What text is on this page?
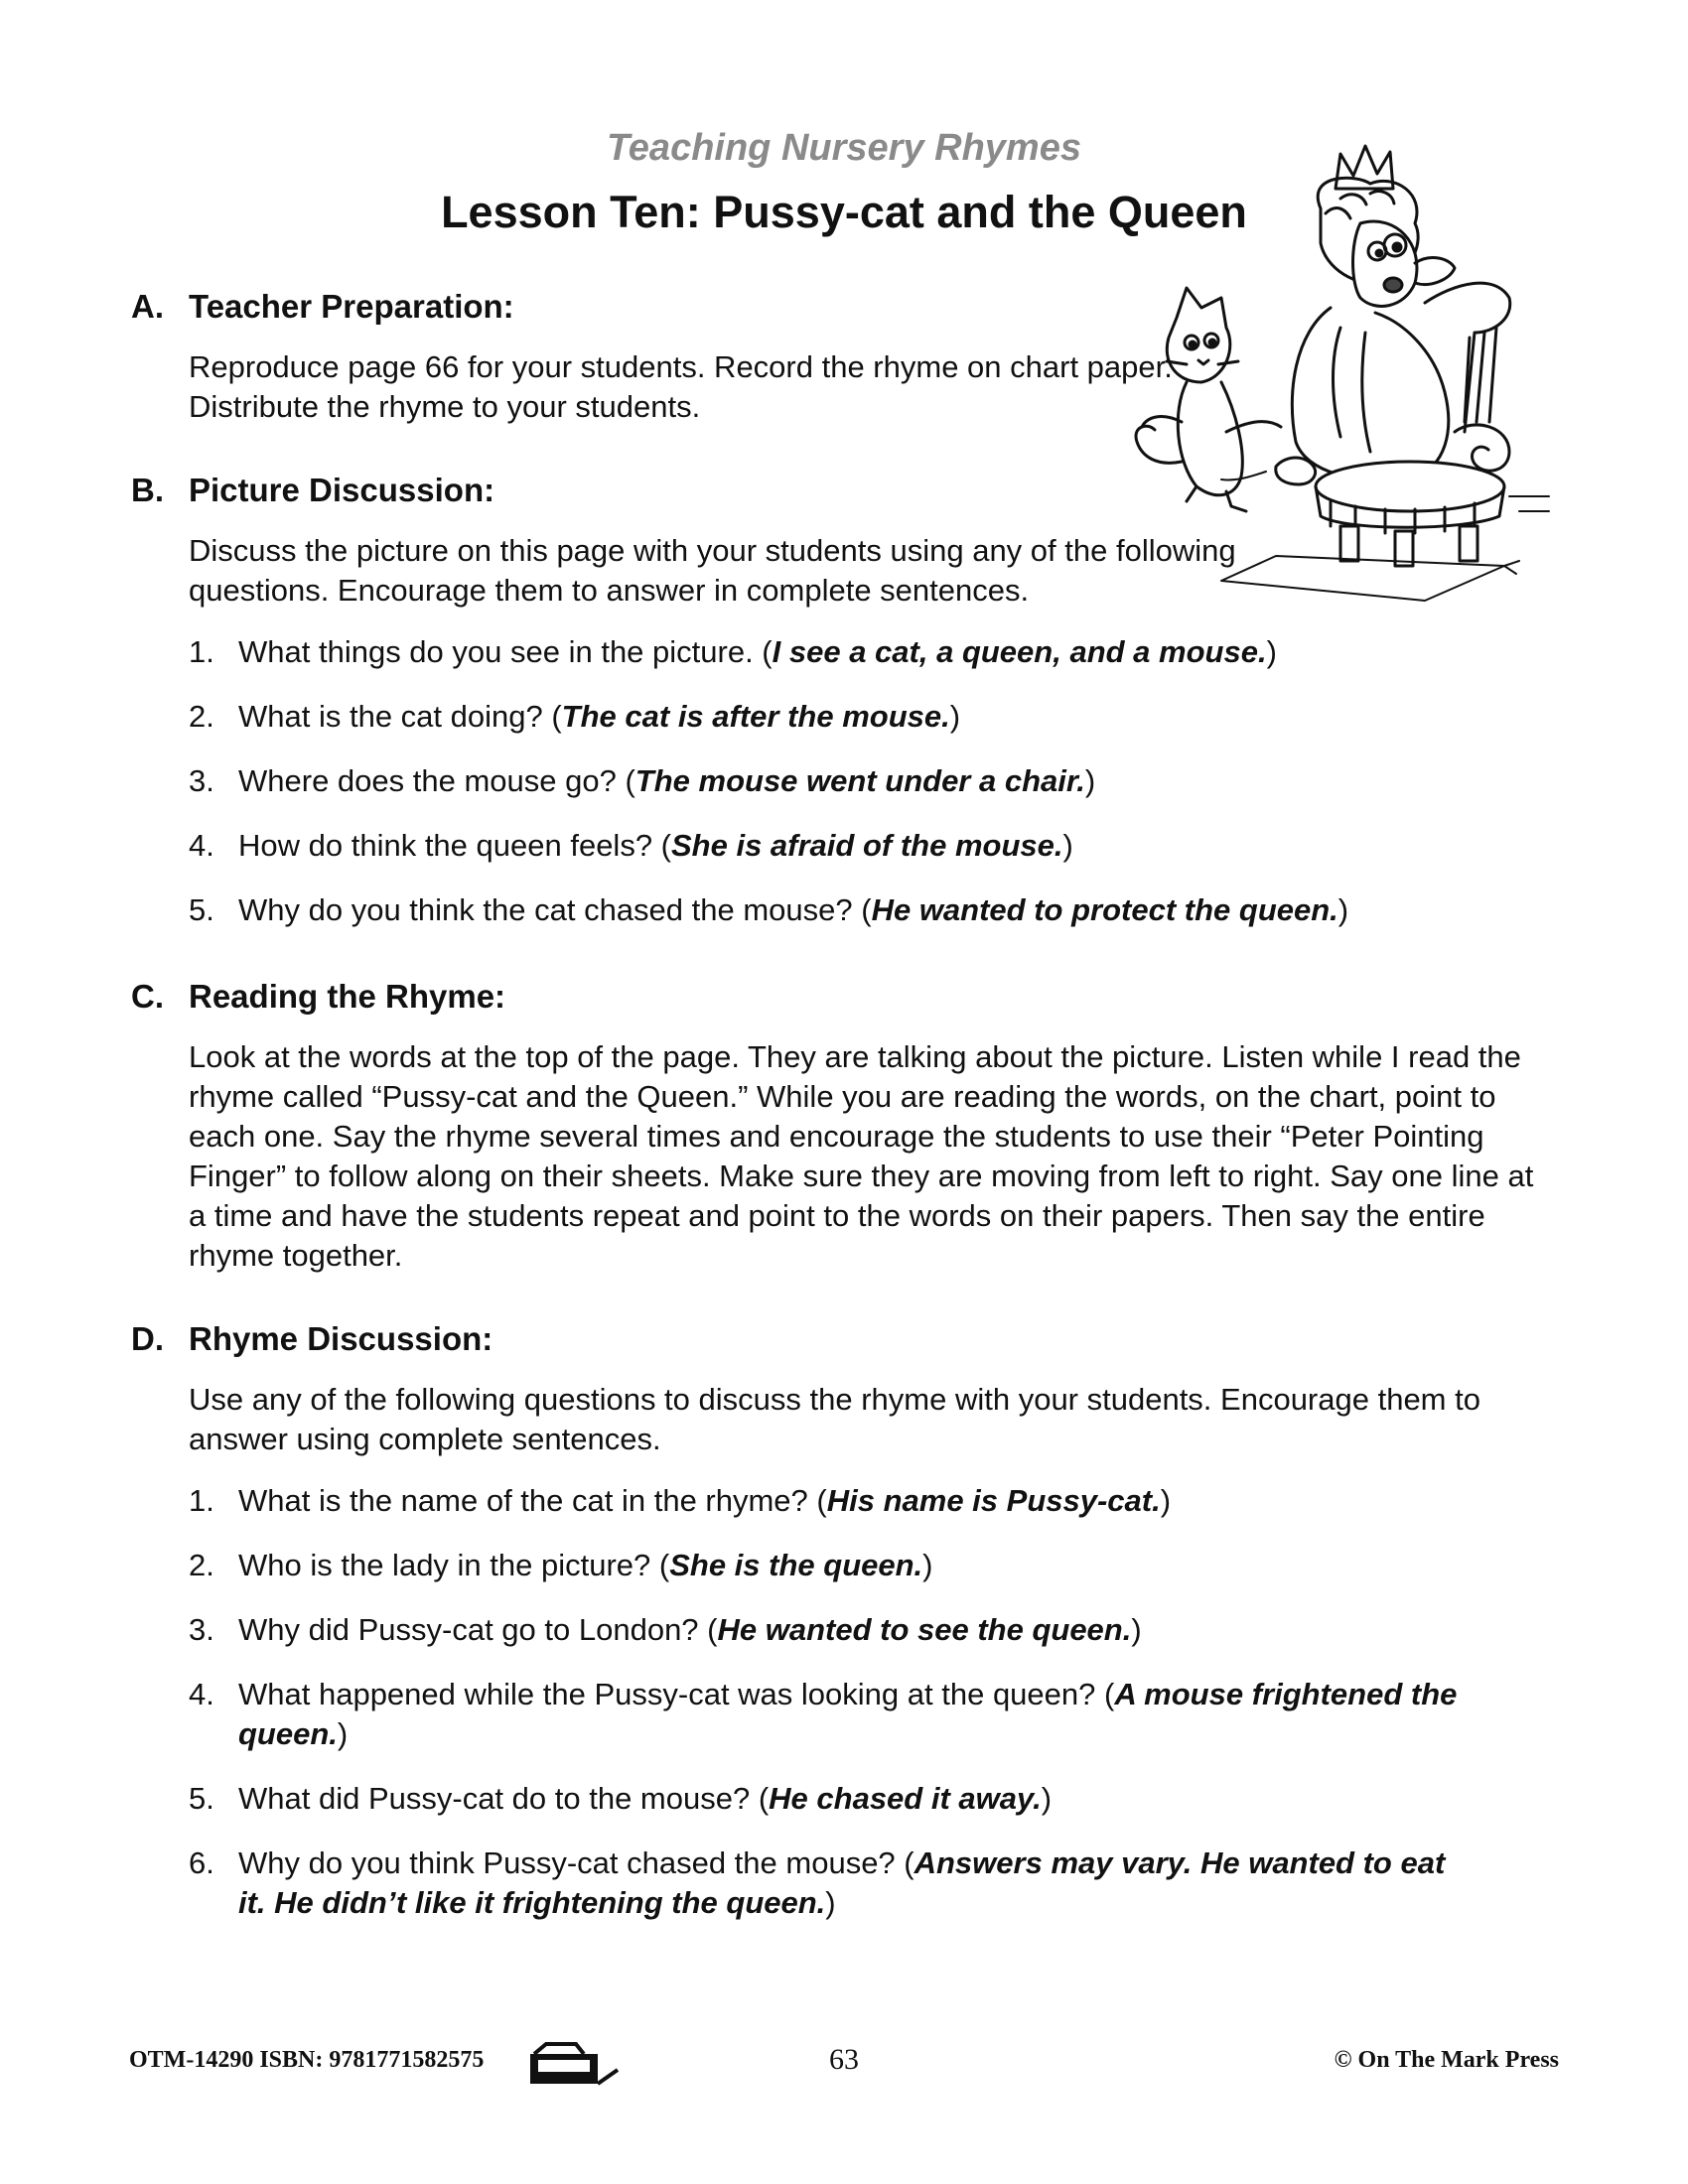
Teaching Nursery Rhymes
Lesson Ten: Pussy-cat and the Queen
A. Teacher Preparation:
Reproduce page 66 for your students. Record the rhyme on chart paper. Distribute the rhyme to your students.
B. Picture Discussion:
Discuss the picture on this page with your students using any of the following questions. Encourage them to answer in complete sentences.
1. What things do you see in the picture. (I see a cat, a queen, and a mouse.)
2. What is the cat doing? (The cat is after the mouse.)
3. Where does the mouse go? (The mouse went under a chair.)
4. How do think the queen feels? (She is afraid of the mouse.)
5. Why do you think the cat chased the mouse? (He wanted to protect the queen.)
C. Reading the Rhyme:
Look at the words at the top of the page. They are talking about the picture. Listen while I read the rhyme called “Pussy-cat and the Queen.” While you are reading the words, on the chart, point to each one. Say the rhyme several times and encourage the students to use their “Peter Pointing Finger” to follow along on their sheets. Make sure they are moving from left to right. Say one line at a time and have the students repeat and point to the words on their papers. Then say the entire rhyme together.
D. Rhyme Discussion:
Use any of the following questions to discuss the rhyme with your students. Encourage them to answer using complete sentences.
1. What is the name of the cat in the rhyme? (His name is Pussy-cat.)
2. Who is the lady in the picture? (She is the queen.)
3. Why did Pussy-cat go to London? (He wanted to see the queen.)
4. What happened while the Pussy-cat was looking at the queen? (A mouse frightened the queen.)
5. What did Pussy-cat do to the mouse? (He chased it away.)
6. Why do you think Pussy-cat chased the mouse? (Answers may vary. He wanted to eat it. He didn’t like it frightening the queen.)
OTM-14290 ISBN: 9781771582575	63	© On The Mark Press
